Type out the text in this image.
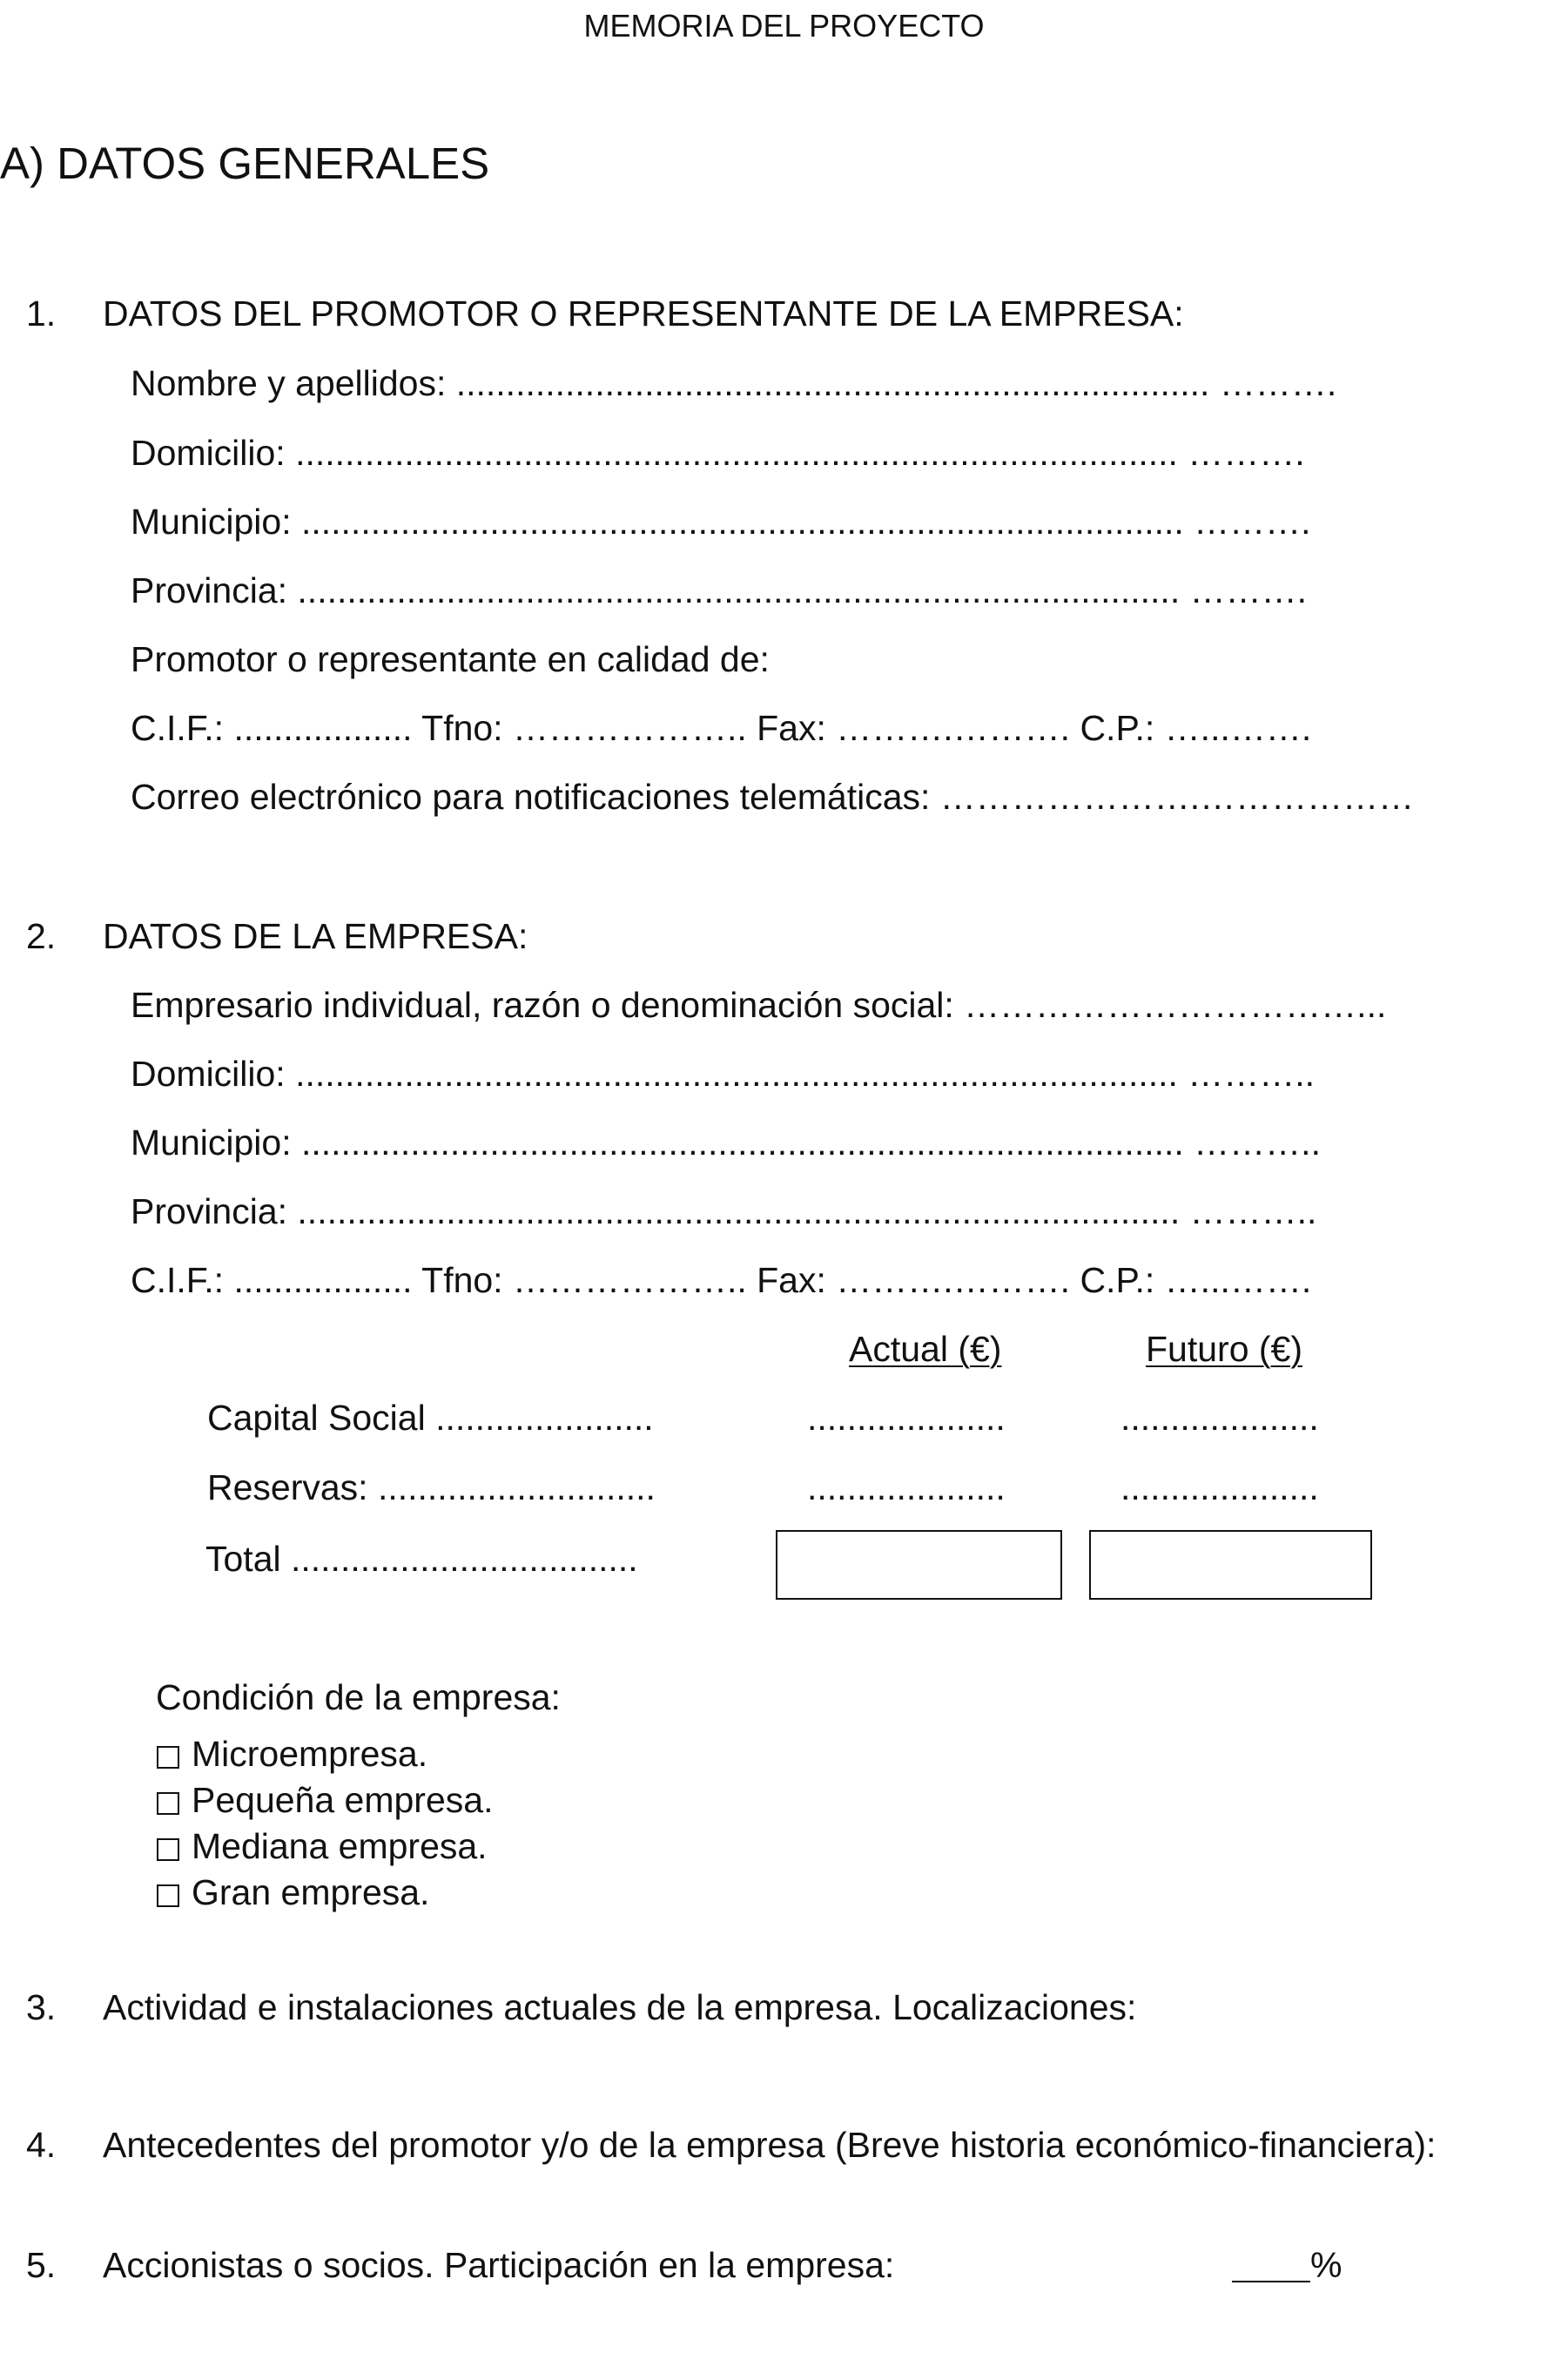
MEMORIA DEL PROYECTO
A) DATOS GENERALES
1. DATOS DEL PROMOTOR O REPRESENTANTE DE LA EMPRESA:
Nombre y apellidos: ............................................................................ ……….
Domicilio: ......................................................................................... ……….
Municipio: ......................................................................................... ……….
Provincia: ......................................................................................... ……….
Promotor o representante en calidad de:
C.I.F.: .................. Tfno: ……………….. Fax: ……….………. C.P.: …...…….
Correo electrónico para notificaciones telemáticas: ………………….………………
2. DATOS DE LA EMPRESA:
Empresario individual, razón o denominación social: ……………………………...
Domicilio: ......................................................................................... ………..
Municipio: ......................................................................................... ………..
Provincia: ......................................................................................... ………..
C.I.F.: .................. Tfno: ……………….. Fax: ……….………. C.P.: …...…….
Actual (€)	Futuro (€)
Capital Social ......................	....................	....................
Reservas: ............................	....................	....................
Total ...................................
Condición de la empresa:
Microempresa.
Pequeña empresa.
Mediana empresa.
Gran empresa.
3. Actividad e instalaciones actuales de la empresa. Localizaciones:
4. Antecedentes del promotor y/o de la empresa (Breve historia económico-financiera):
5. Accionistas o socios. Participación en la empresa:	%
